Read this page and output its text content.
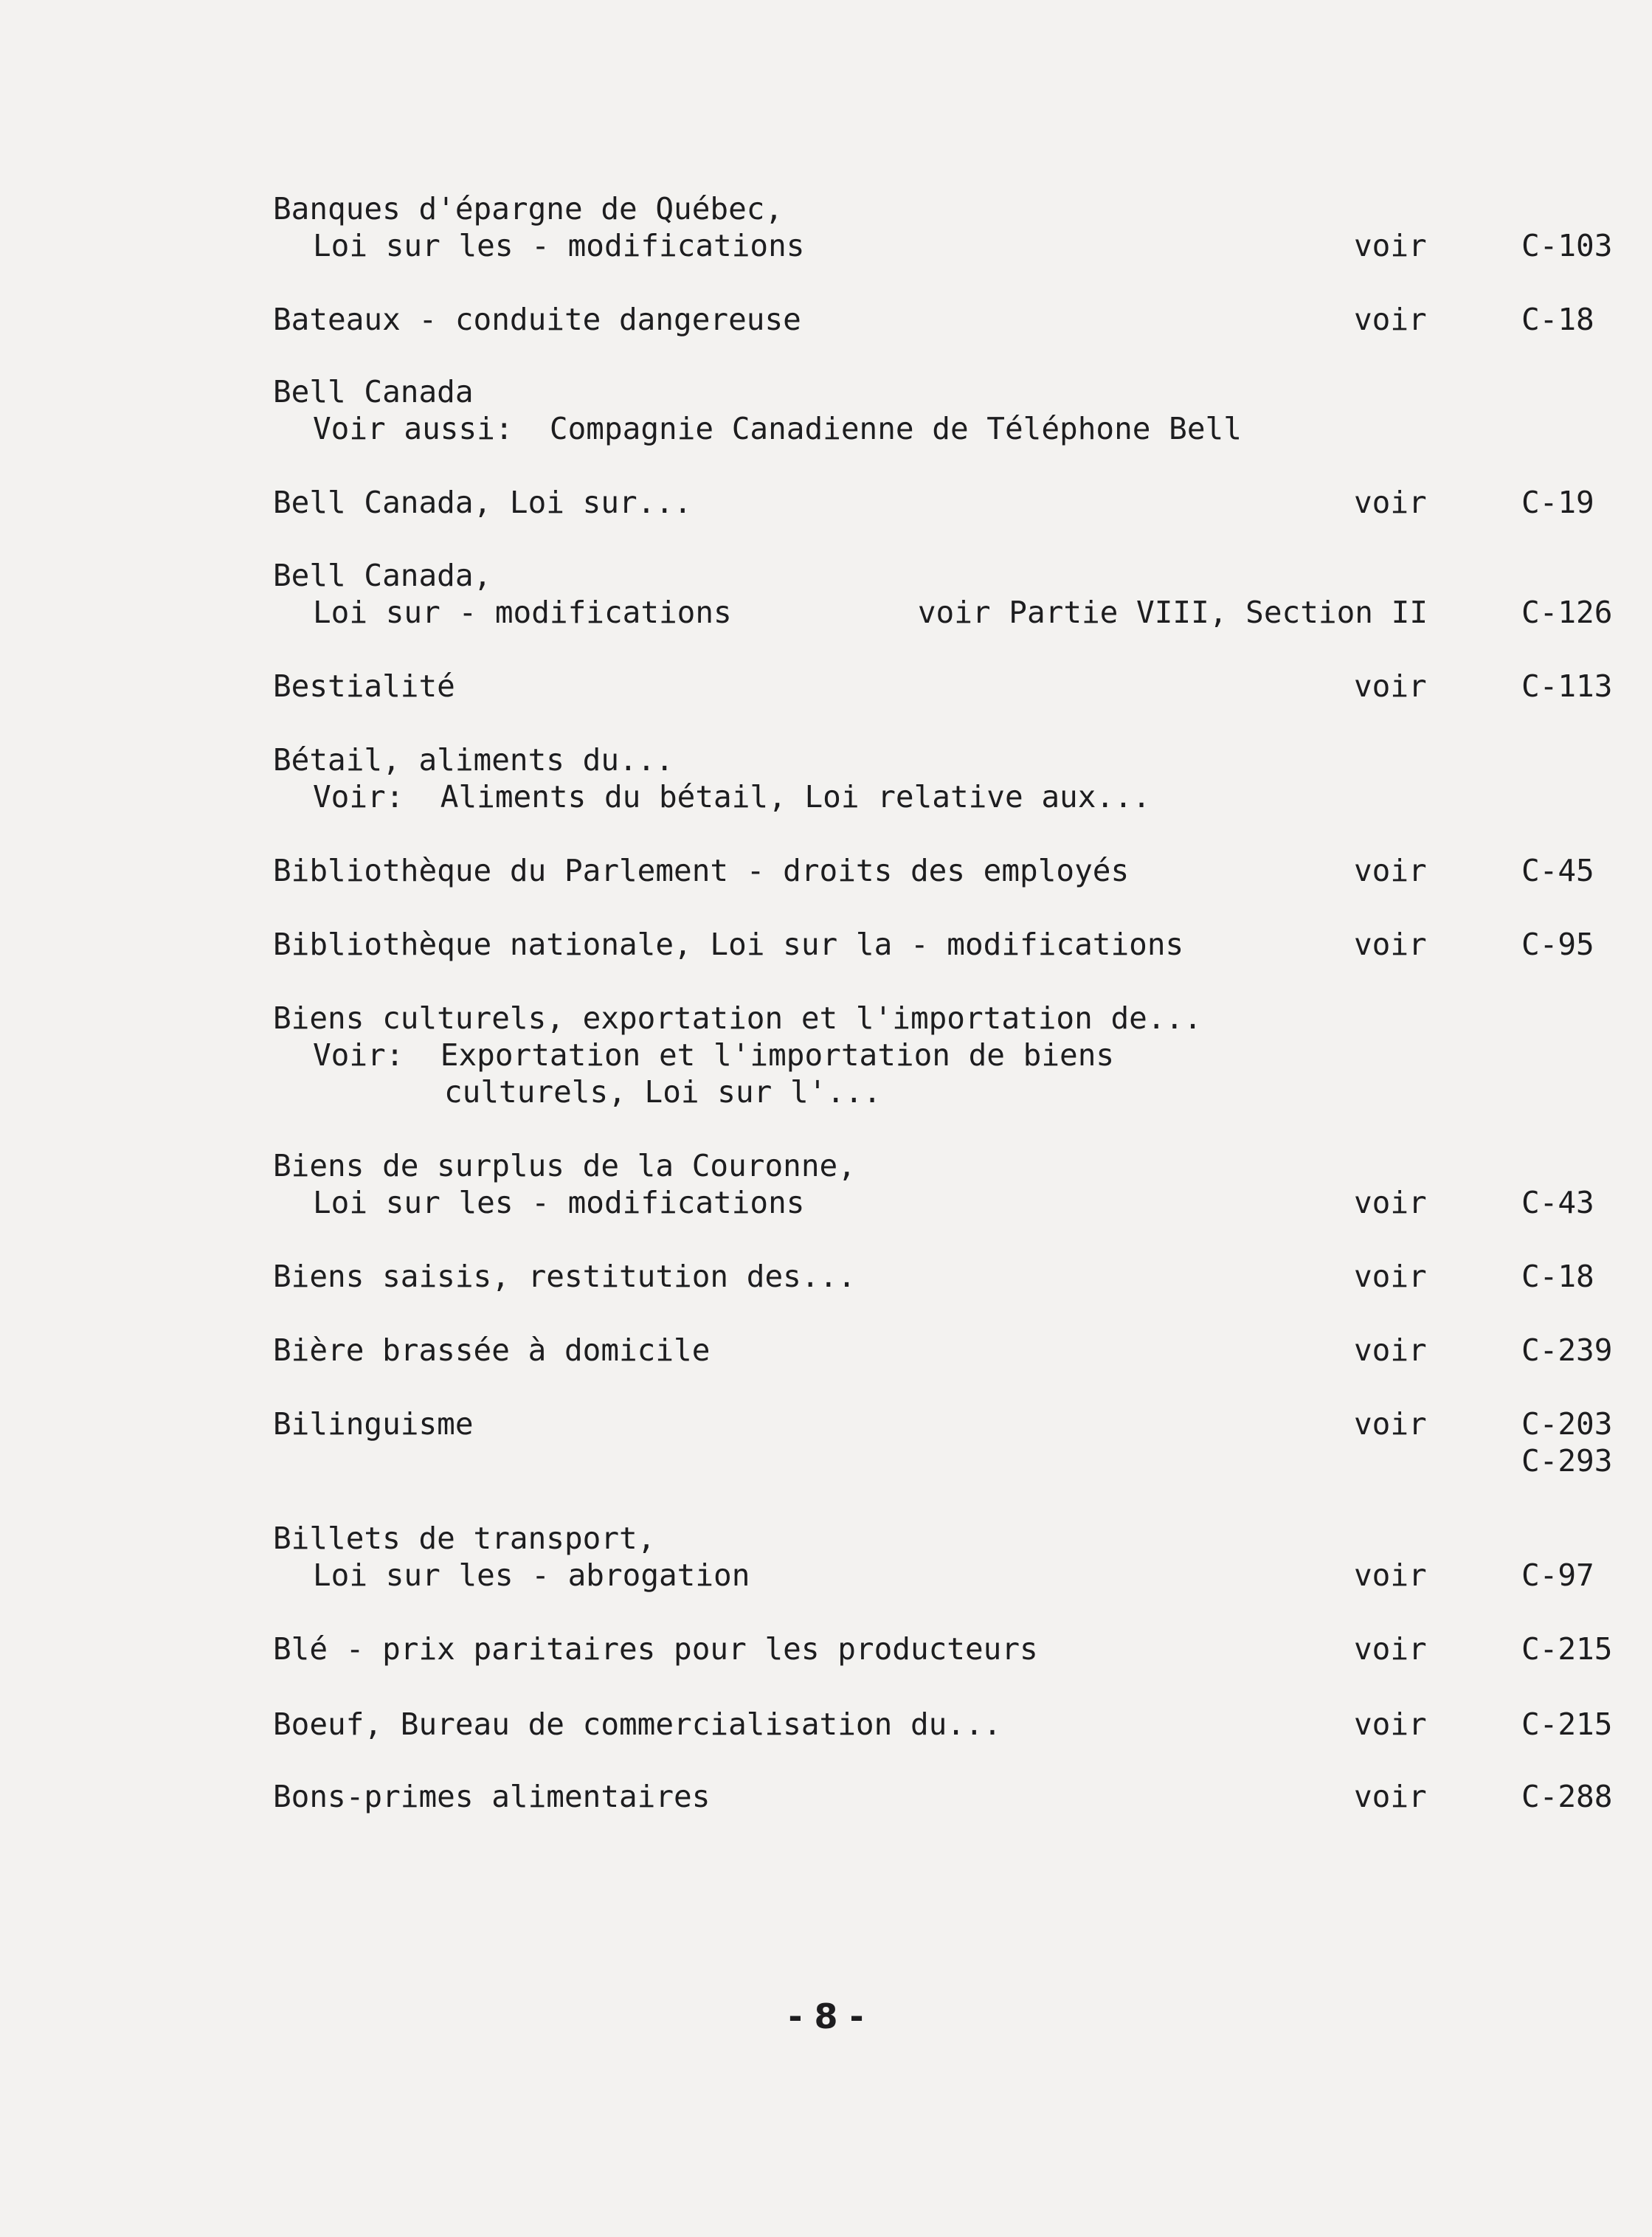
Banques d'épargne de Québec,
Loi sur les - modifications	voir	C-103
Bateaux - conduite dangereuse	voir	C-18
Bell Canada
Voir aussi:  Compagnie Canadienne de Téléphone Bell
Bell Canada, Loi sur...	voir	C-19
Bell Canada,
Loi sur - modifications	voir Partie VIII, Section II	C-126
Bestialité	voir	C-113
Bétail, aliments du...
Voir:  Aliments du bétail, Loi relative aux...
Bibliothèque du Parlement - droits des employés	voir	C-45
Bibliothèque nationale, Loi sur la - modifications	voir	C-95
Biens culturels, exportation et l'importation de...
Voir:  Exportation et l'importation de biens
culturels, Loi sur l'...
Biens de surplus de la Couronne,
Loi sur les - modifications	voir	C-43
Biens saisis, restitution des...	voir	C-18
Bière brassée à domicile	voir	C-239
Bilinguisme	voir	C-203
C-293
Billets de transport,
Loi sur les - abrogation	voir	C-97
Blé - prix paritaires pour les producteurs	voir	C-215
Boeuf, Bureau de commercialisation du...	voir	C-215
Bons-primes alimentaires	voir	C-288
- 8 -
